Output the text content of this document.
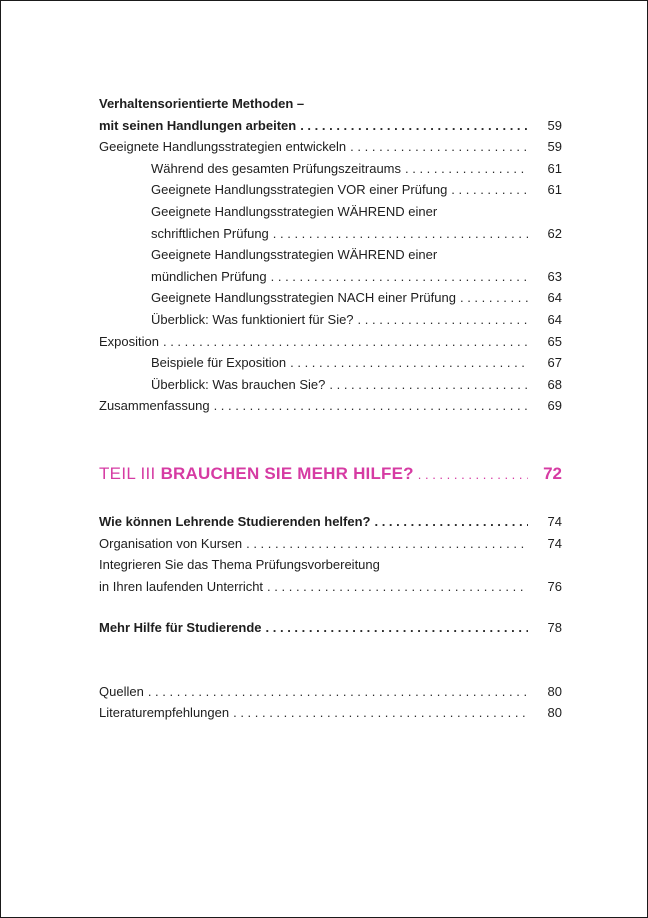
Verhaltensorientierte Methoden –
mit seinen Handlungen arbeiten . . .	59
Geeignete Handlungsstrategien entwickeln . . .	59
Während des gesamten Prüfungszeitraums . . .	61
Geeignete Handlungsstrategien VOR einer Prüfung . . .	61
Geeignete Handlungsstrategien WÄHREND einer
schriftlichen Prüfung . . .	62
Geeignete Handlungsstrategien WÄHREND einer
mündlichen Prüfung . . .	63
Geeignete Handlungsstrategien NACH einer Prüfung . . .	64
Überblick: Was funktioniert für Sie? . . .	64
Exposition . . .	65
Beispiele für Exposition . . .	67
Überblick: Was brauchen Sie? . . .	68
Zusammenfassung . . .	69
TEIL III BRAUCHEN SIE MEHR HILFE? . . .	72
Wie können Lehrende Studierenden helfen? . . .	74
Organisation von Kursen . . .	74
Integrieren Sie das Thema Prüfungsvorbereitung
in Ihren laufenden Unterricht . . .	76
Mehr Hilfe für Studierende . . .	78
Quellen . . .	80
Literaturempfehlungen . . .	80
